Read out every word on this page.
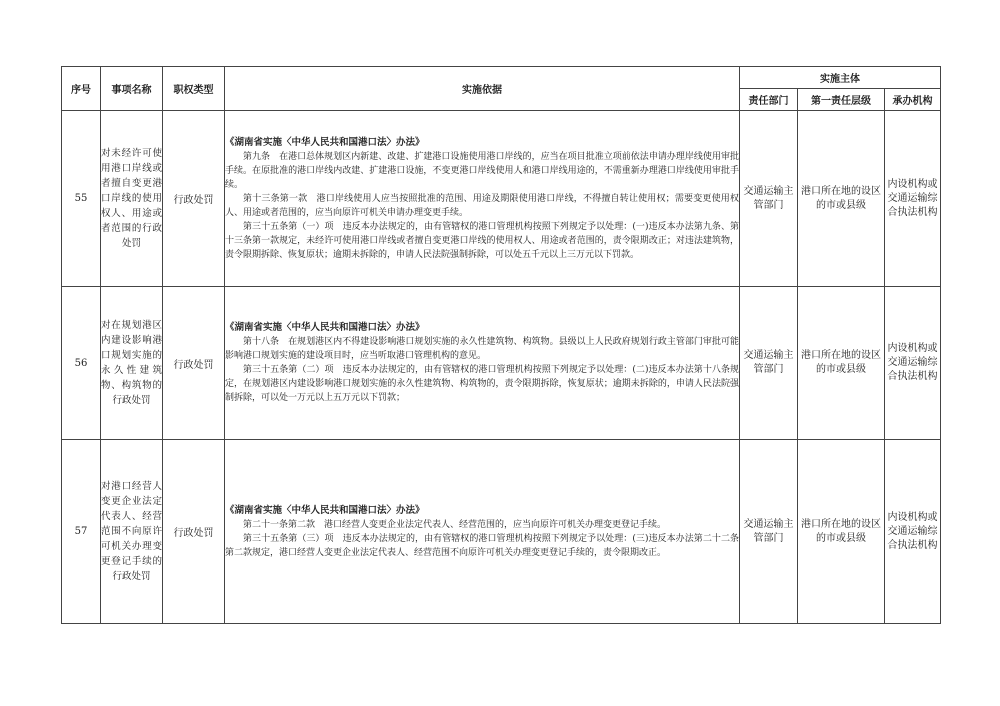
序号	事项名称	职权类型	实施依据	实施主体		
				责任部门	第一责任层级	承办机构
55	对未经许可使用港口岸线或者擅自变更港口岸线的使用权人、用途或者范围的行政处罚	行政处罚	《湖南省实施〈中华人民共和国港口法〉办法》

第九条　在港口总体规划区内新建、改建、扩建港口设施使用港口岸线的，应当在项目批准立项前依法申请办理岸线使用审批手续。在原批准的港口岸线内改建、扩建港口设施，不变更港口岸线使用人和港口岸线用途的，不需重新办理港口岸线使用审批手续。

第十三条第一款　港口岸线使用人应当按照批准的范围、用途及期限使用港口岸线，不得擅自转让使用权；需要变更使用权人、用途或者范围的，应当向原许可机关申请办理变更手续。

第三十五条第（一）项　违反本办法规定的，由有管辖权的港口管理机构按照下列规定予以处理：(一)违反本办法第九条、第十三条第一款规定，未经许可使用港口岸线或者擅自变更港口岸线的使用权人、用途或者范围的，责令限期改正；对违法建筑物，责令限期拆除、恢复原状；逾期未拆除的，申请人民法院强制拆除，可以处五千元以上三万元以下罚款。	交通运输主管部门	港口所在地的设区的市或县级	内设机构或交通运输综合执法机构
56	对在规划港区内建设影响港口规划实施的永久性建筑物、构筑物的行政处罚	行政处罚	《湖南省实施〈中华人民共和国港口法〉办法》

第十八条　在规划港区内不得建设影响港口规划实施的永久性建筑物、构筑物。县级以上人民政府规划行政主管部门审批可能影响港口规划实施的建设项目时，应当听取港口管理机构的意见。

第三十五条第（二）项　违反本办法规定的，由有管辖权的港口管理机构按照下列规定予以处理：(二)违反本办法第十八条规定，在规划港区内建设影响港口规划实施的永久性建筑物、构筑物的，责令限期拆除，恢复原状；逾期未拆除的，申请人民法院强制拆除，可以处一万元以上五万元以下罚款；	交通运输主管部门	港口所在地的设区的市或县级	内设机构或交通运输综合执法机构
57	对港口经营人变更企业法定代表人、经营范围不向原许可机关办理变更登记手续的行政处罚	行政处罚	《湖南省实施〈中华人民共和国港口法〉办法》

第二十一条第二款　港口经营人变更企业法定代表人、经营范围的，应当向原许可机关办理变更登记手续。

第三十五条第（三）项　违反本办法规定的，由有管辖权的港口管理机构按照下列规定予以处理：(三)违反本办法第二十二条第二款规定，港口经营人变更企业法定代表人、经营范围不向原许可机关办理变更登记手续的，责令限期改正。	交通运输主管部门	港口所在地的设区的市或县级	内设机构或交通运输综合执法机构
